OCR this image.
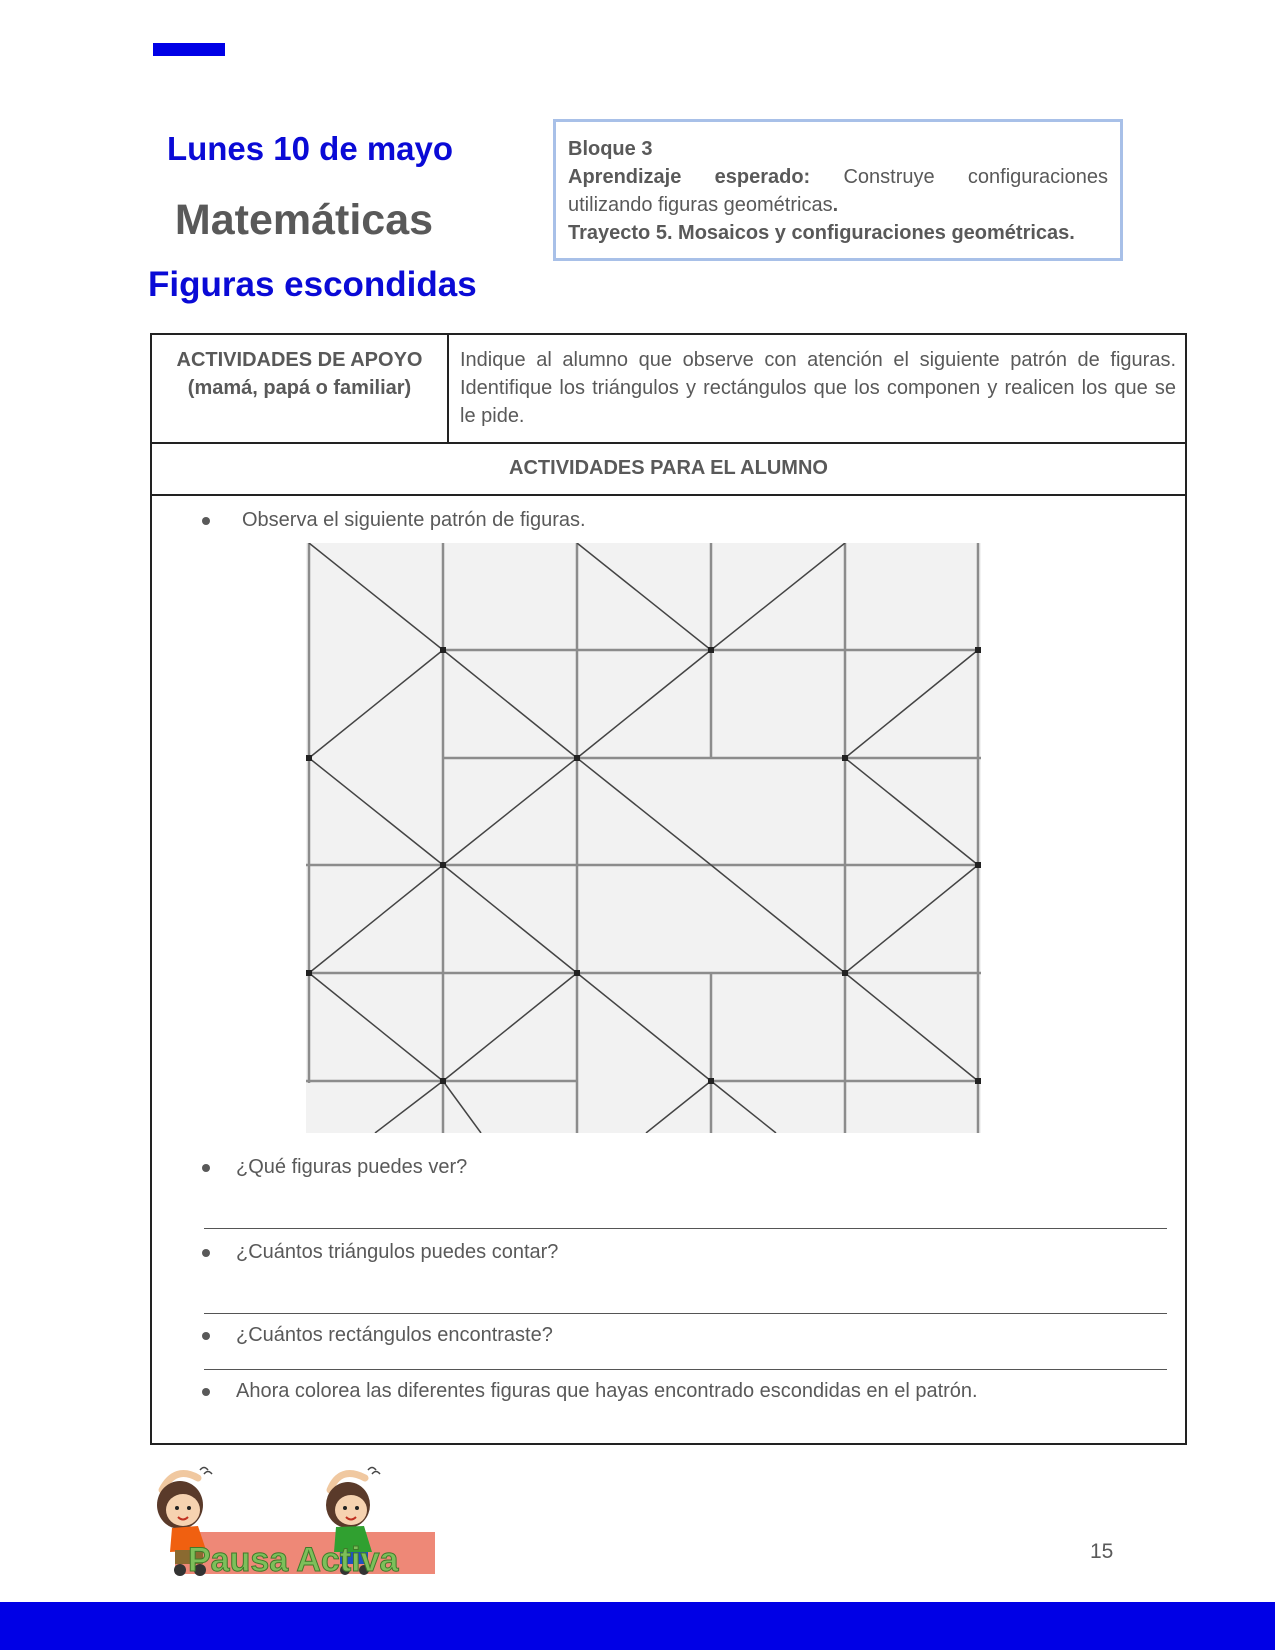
Lunes 10 de mayo
Matemáticas
Figuras escondidas

Bloque 3

Aprendizaje esperado: Construye configuraciones utilizando figuras geométricas.

Trayecto 5. Mosaicos y configuraciones geométricas.

ACTIVIDADES DE APOYO
(mamá, papá o familiar)

Indique al alumno que observe con atención el siguiente patrón de figuras. Identifique los triángulos y rectángulos que los componen y realicen los que se le pide.

ACTIVIDADES PARA EL ALUMNO
Observa el siguiente patrón de figuras.
¿Qué figuras puedes ver?
¿Cuántos triángulos puedes contar?
¿Cuántos rectángulos encontraste?
Ahora colorea las diferentes figuras que hayas encontrado escondidas en el patrón.
Pausa Activa	15
